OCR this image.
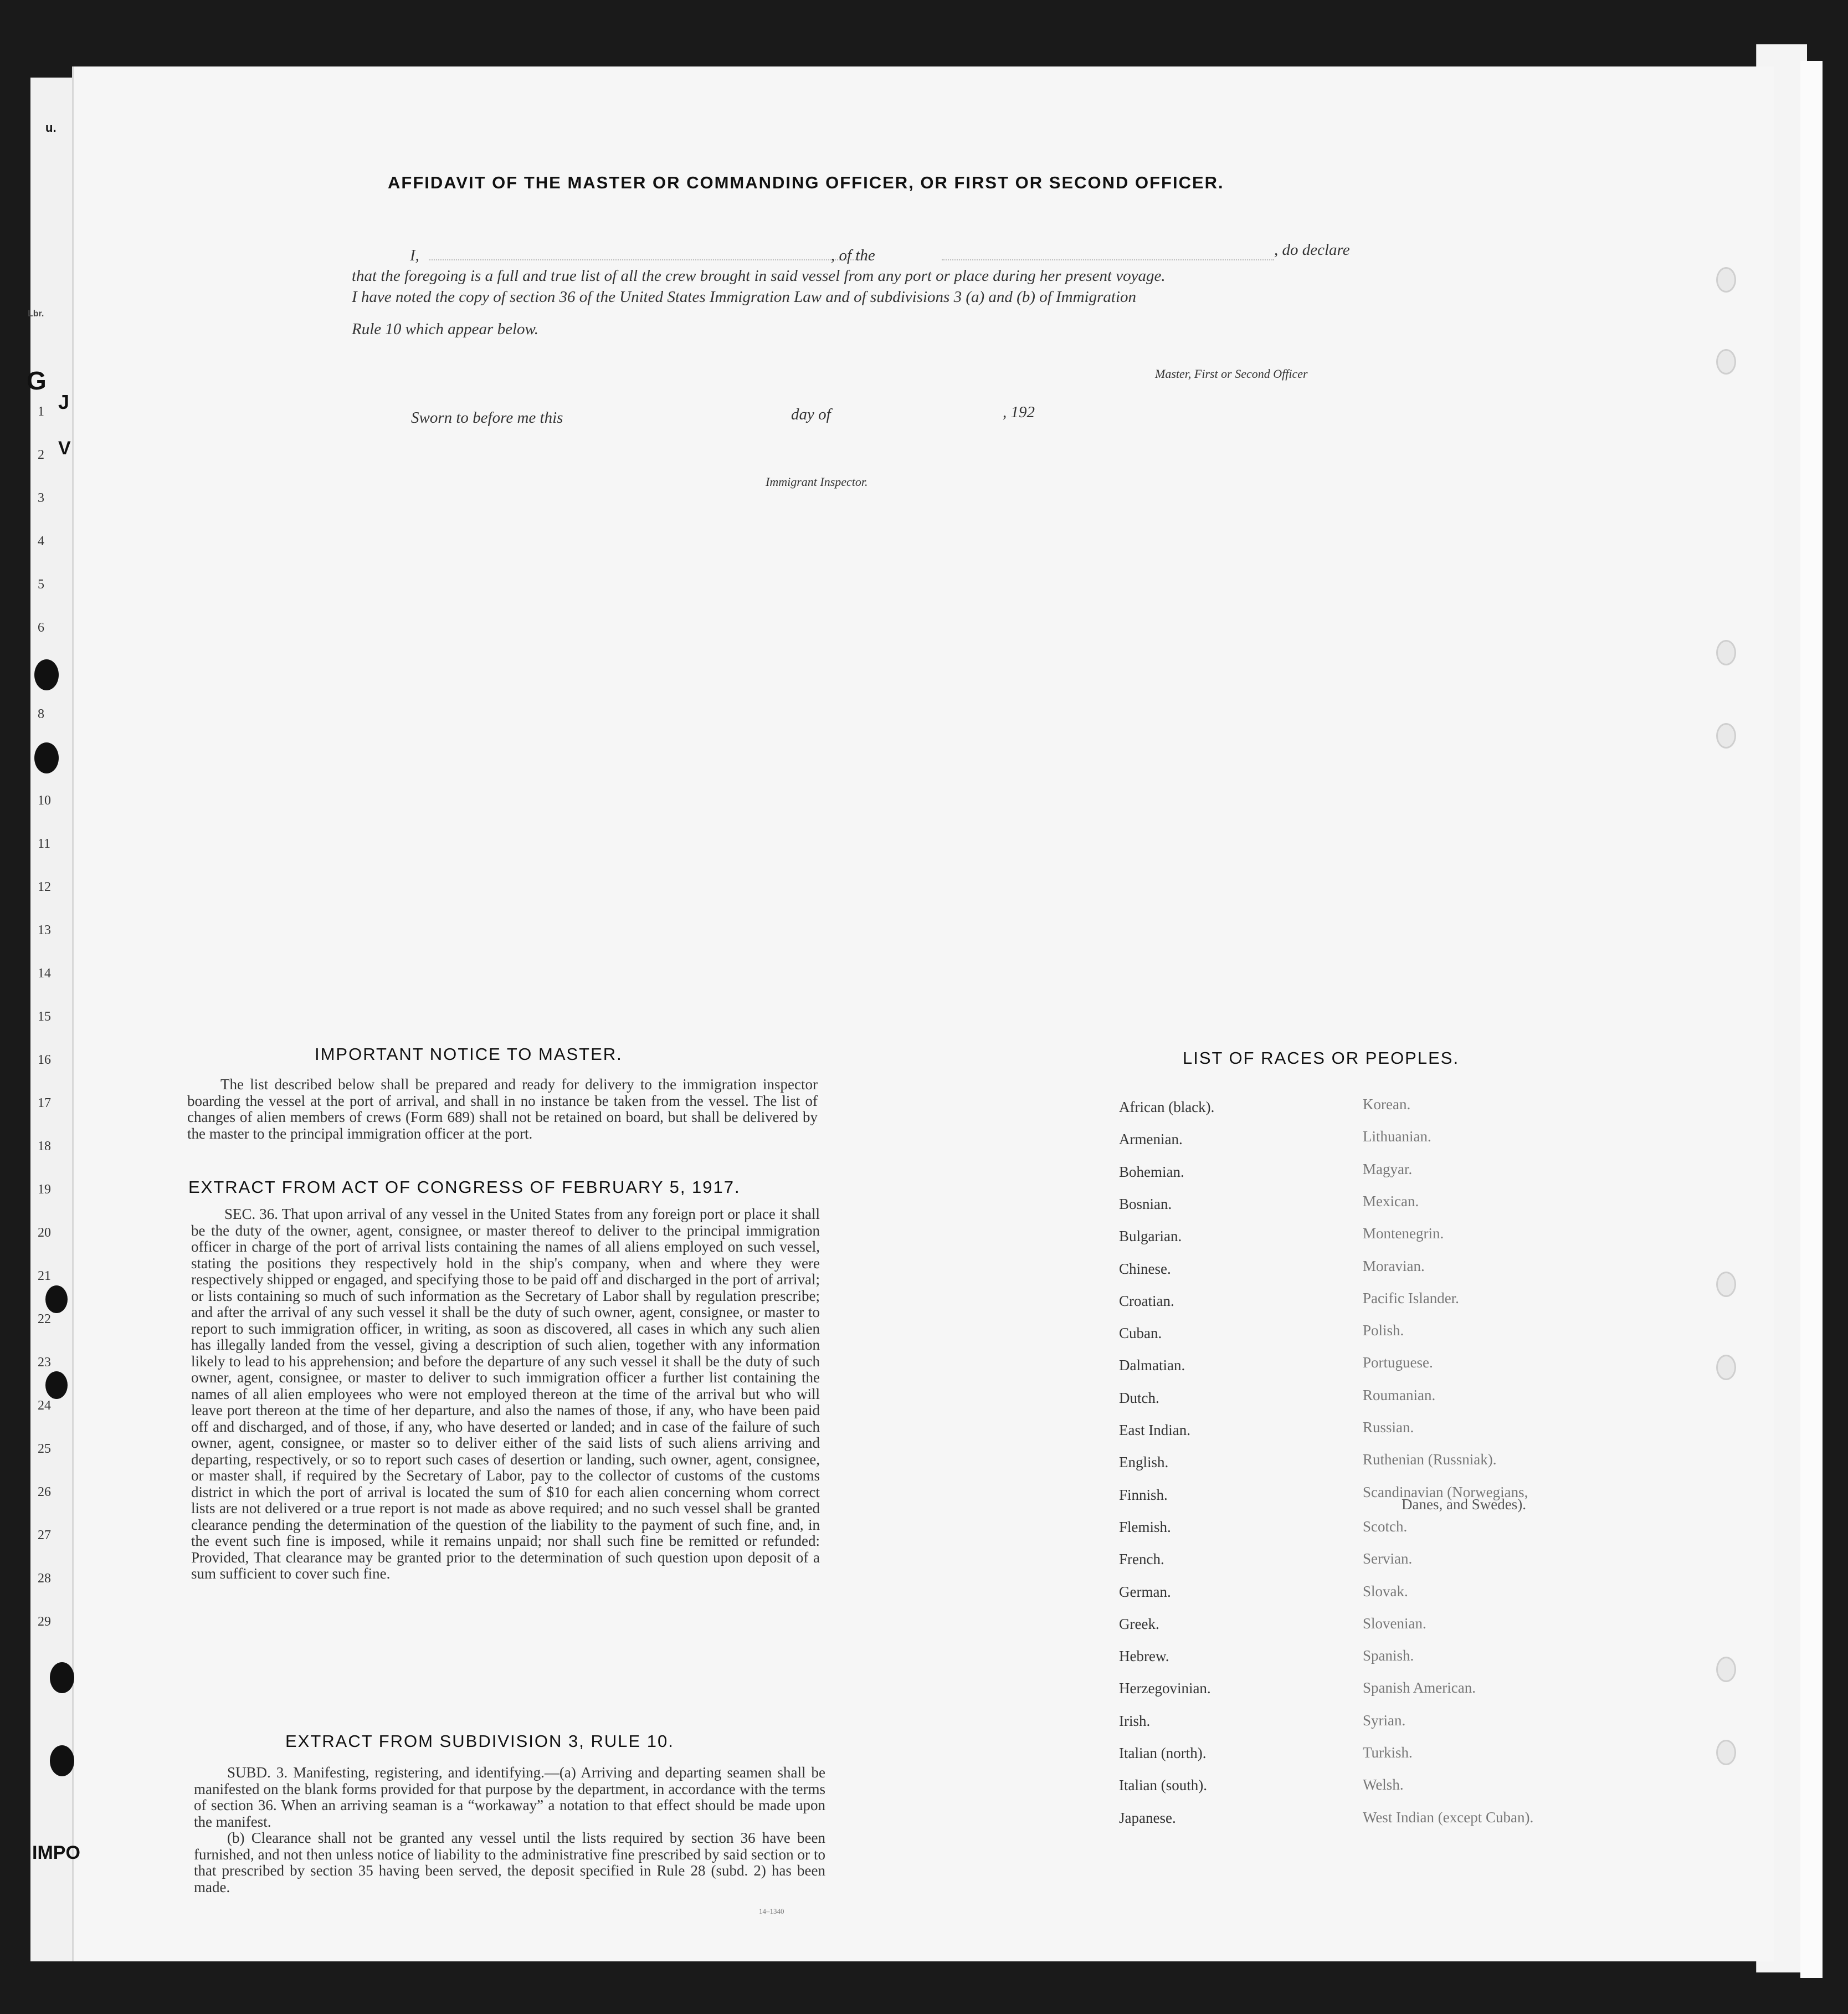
u.
Lbr.
J
V
G
IMPO
1
2
3
4
5
6
8
10
11
12
13
14
15
16
17
18
19
20
21
22
23
24
25
26
27
28
29
AFFIDAVIT OF THE MASTER OR COMMANDING OFFICER, OR FIRST OR SECOND OFFICER.
I,	, of the	, do declare
that the foregoing is a full and true list of all the crew brought in said vessel from any port or place during her present voyage.
I have noted the copy of section 36 of the United States Immigration Law and of subdivisions 3 (a) and (b) of Immigration
Rule 10 which appear below.
Master, First or Second Officer
Sworn to before me this	day of	, 192
Immigrant Inspector.
IMPORTANT NOTICE TO MASTER.

The list described below shall be prepared and ready for delivery to the immigration inspector boarding the vessel at the port of arrival, and shall in no instance be taken from the vessel. The list of changes of alien members of crews (Form 689) shall not be retained on board, but shall be delivered by the master to the principal immigration officer at the port.

EXTRACT FROM ACT OF CONGRESS OF FEBRUARY 5, 1917.

SEC. 36. That upon arrival of any vessel in the United States from any foreign port or place it shall be the duty of the owner, agent, consignee, or master thereof to deliver to the principal immigration officer in charge of the port of arrival lists containing the names of all aliens employed on such vessel, stating the positions they respectively hold in the ship's company, when and where they were respectively shipped or engaged, and specifying those to be paid off and discharged in the port of arrival; or lists containing so much of such information as the Secretary of Labor shall by regulation prescribe; and after the arrival of any such vessel it shall be the duty of such owner, agent, consignee, or master to report to such immigration officer, in writing, as soon as discovered, all cases in which any such alien has illegally landed from the vessel, giving a description of such alien, together with any information likely to lead to his apprehension; and before the departure of any such vessel it shall be the duty of such owner, agent, consignee, or master to deliver to such immigration officer a further list containing the names of all alien employees who were not employed thereon at the time of the arrival but who will leave port thereon at the time of her departure, and also the names of those, if any, who have been paid off and discharged, and of those, if any, who have deserted or landed; and in case of the failure of such owner, agent, consignee, or master so to deliver either of the said lists of such aliens arriving and departing, respectively, or so to report such cases of desertion or landing, such owner, agent, consignee, or master shall, if required by the Secretary of Labor, pay to the collector of customs of the customs district in which the port of arrival is located the sum of $10 for each alien concerning whom correct lists are not delivered or a true report is not made as above required; and no such vessel shall be granted clearance pending the determination of the question of the liability to the payment of such fine, and, in the event such fine is imposed, while it remains unpaid; nor shall such fine be remitted or refunded: Provided, That clearance may be granted prior to the determination of such question upon deposit of a sum sufficient to cover such fine.

EXTRACT FROM SUBDIVISION 3, RULE 10.

SUBD. 3. Manifesting, registering, and identifying.—(a) Arriving and departing seamen shall be manifested on the blank forms provided for that purpose by the department, in accordance with the terms of section 36. When an arriving seaman is a “workaway” a notation to that effect should be made upon the manifest.

(b) Clearance shall not be granted any vessel until the lists required by section 36 have been furnished, and not then unless notice of liability to the administrative fine prescribed by said section or to that prescribed by section 35 having been served, the deposit specified in Rule 28 (subd. 2) has been made.

14–1340
LIST OF RACES OR PEOPLES.
African (black).
Armenian.
Bohemian.
Bosnian.
Bulgarian.
Chinese.
Croatian.
Cuban.
Dalmatian.
Dutch.
East Indian.
English.
Finnish.
Flemish.
French.
German.
Greek.
Hebrew.
Herzegovinian.
Irish.
Italian (north).
Italian (south).
Japanese.
Korean.
Lithuanian.
Magyar.
Mexican.
Montenegrin.
Moravian.
Pacific Islander.
Polish.
Portuguese.
Roumanian.
Russian.
Ruthenian (Russniak).
Scandinavian (Norwegians,
Scotch.
Servian.
Slovak.
Slovenian.
Spanish.
Spanish American.
Syrian.
Turkish.
Welsh.
West Indian (except Cuban).
Danes, and Swedes).
